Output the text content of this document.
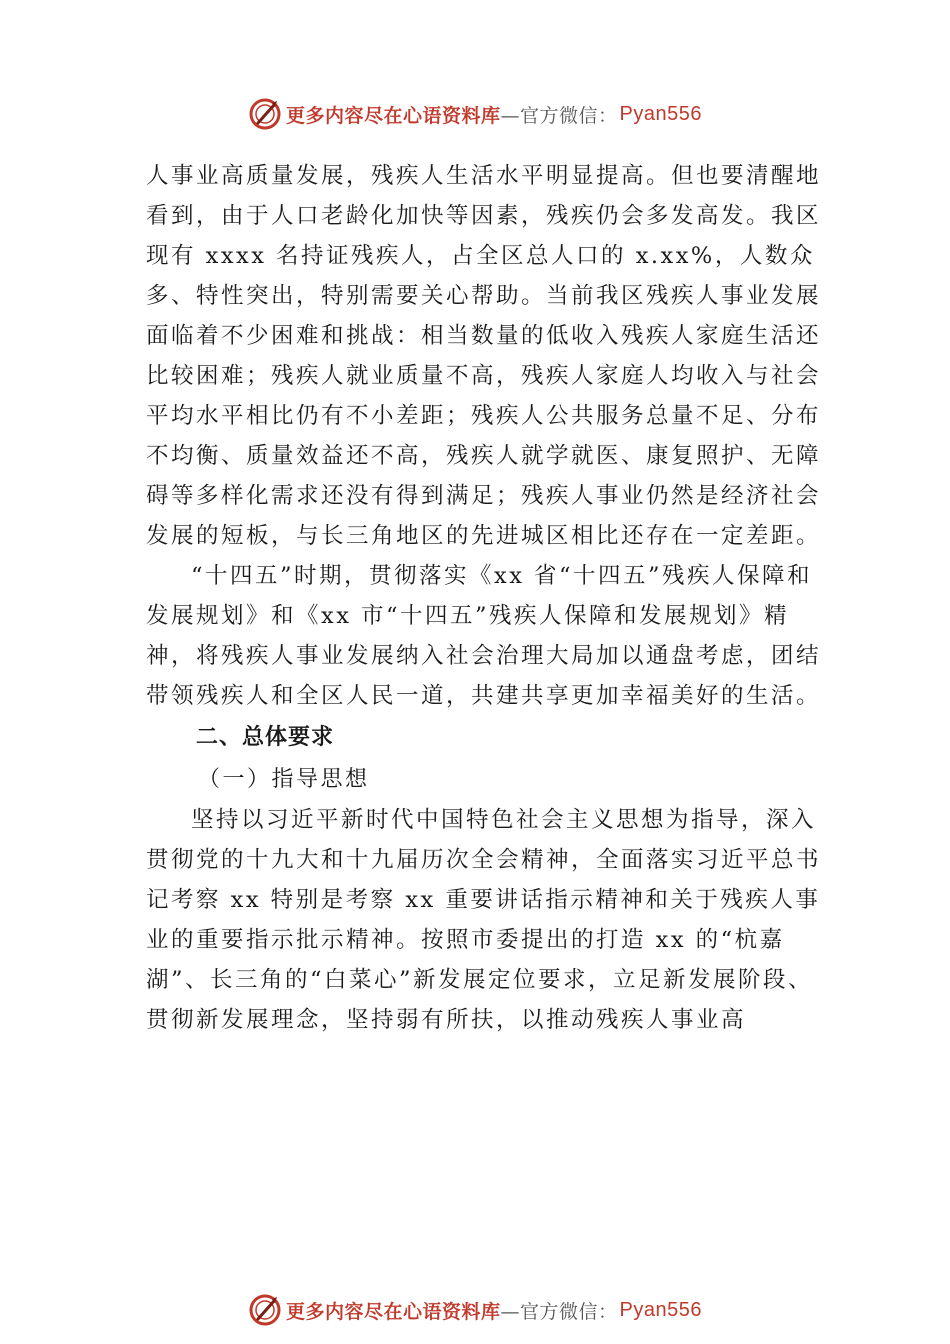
更多内容尽在心语资料库 —官方微信： Pyan556

人事业高质量发展，残疾人生活水平明显提高。但也要清醒地看到，由于人口老龄化加快等因素，残疾仍会多发高发。我区现有 xxxx 名持证残疾人，占全区总人口的 x.xx%，人数众多、特性突出，特别需要关心帮助。当前我区残疾人事业发展面临着不少困难和挑战：相当数量的低收入残疾人家庭生活还比较困难；残疾人就业质量不高，残疾人家庭人均收入与社会平均水平相比仍有不小差距；残疾人公共服务总量不足、分布不均衡、质量效益还不高，残疾人就学就医、康复照护、无障碍等多样化需求还没有得到满足；残疾人事业仍然是经济社会发展的短板，与长三角地区的先进城区相比还存在一定差距。

“十四五”时期，贯彻落实《xx 省“十四五”残疾人保障和发展规划》和《xx 市“十四五”残疾人保障和发展规划》精神，将残疾人事业发展纳入社会治理大局加以通盘考虑，团结带领残疾人和全区人民一道，共建共享更加幸福美好的生活。

二、总体要求

（一）指导思想

坚持以习近平新时代中国特色社会主义思想为指导，深入贯彻党的十九大和十九届历次全会精神，全面落实习近平总书记考察 xx 特别是考察 xx 重要讲话指示精神和关于残疾人事业的重要指示批示精神。按照市委提出的打造 xx 的“杭嘉湖”、长三角的“白菜心”新发展定位要求，立足新发展阶段、贯彻新发展理念，坚持弱有所扶，以推动残疾人事业高

更多内容尽在心语资料库 —官方微信： Pyan556
